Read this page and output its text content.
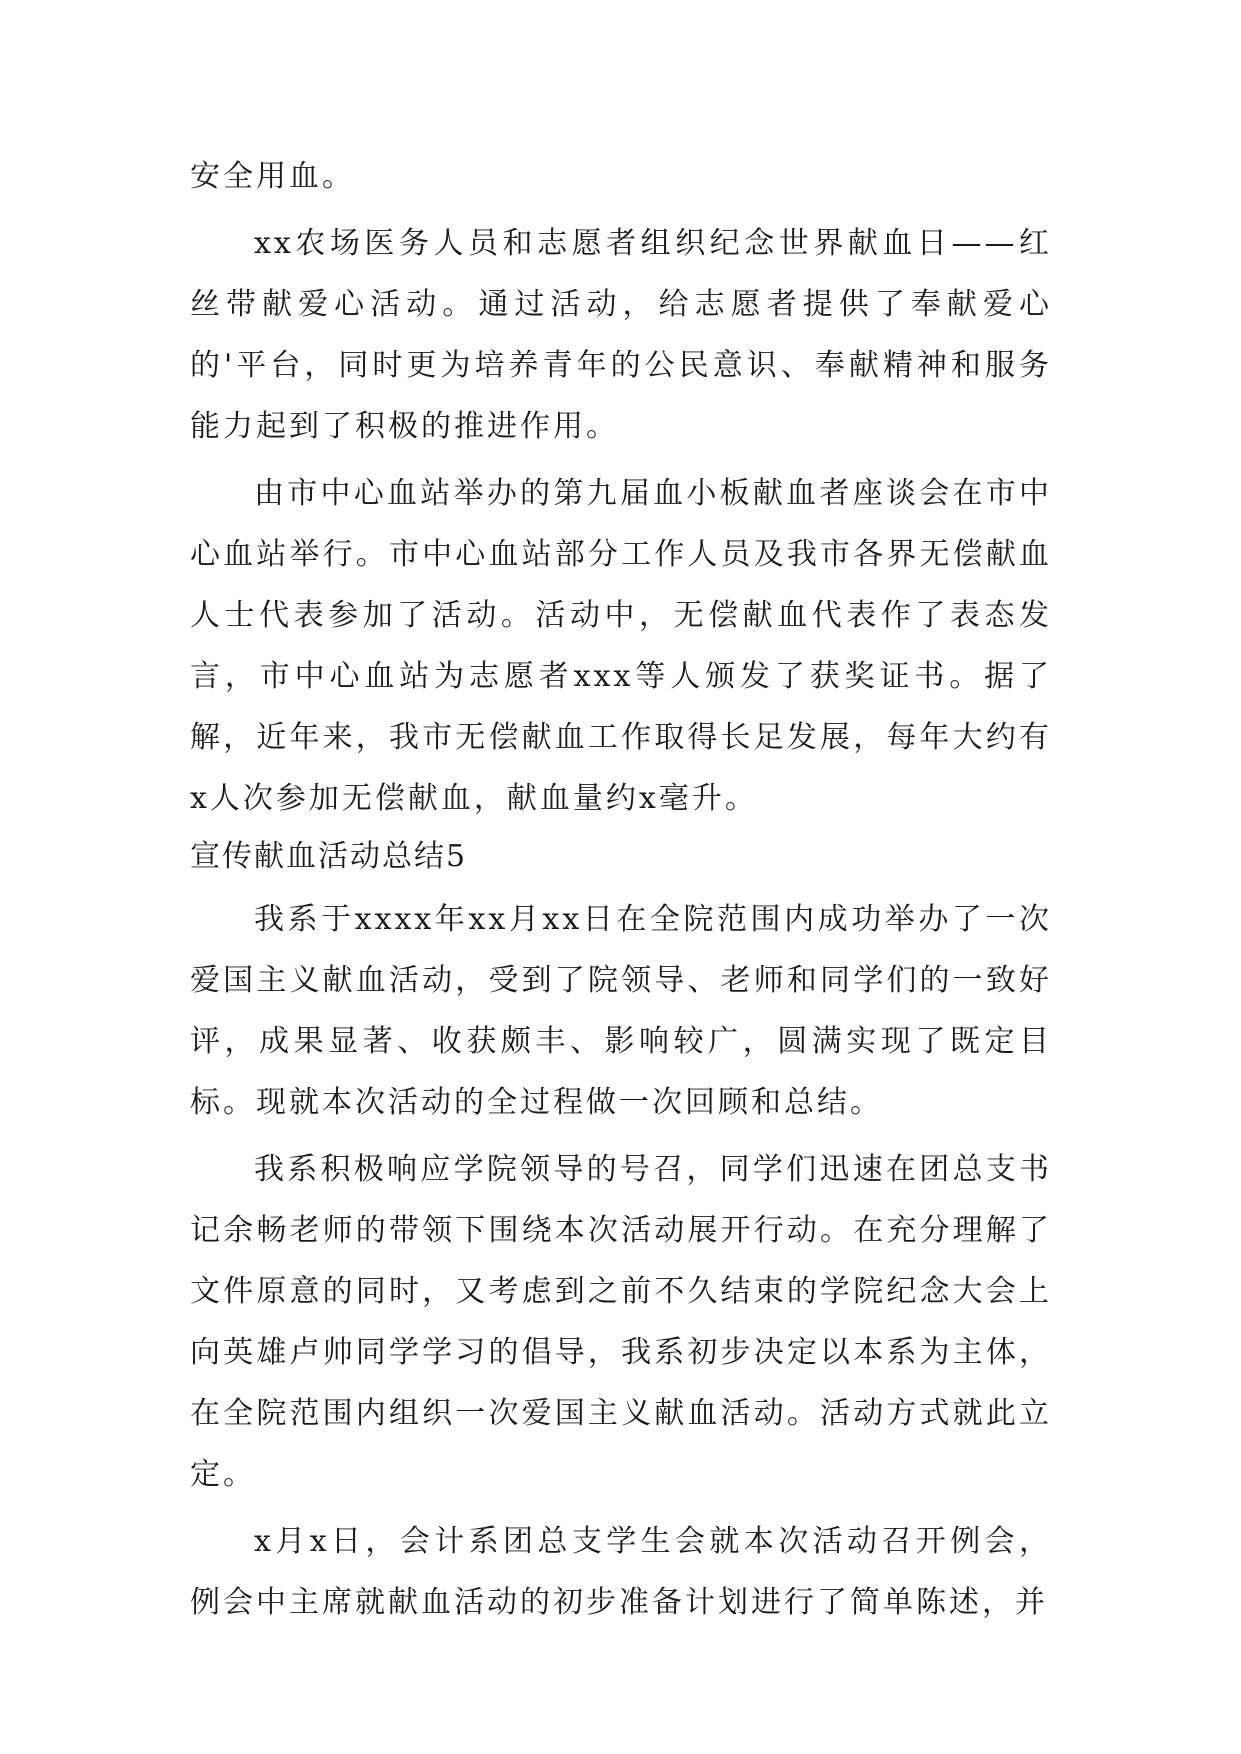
安全用血。

xx农场医务人员和志愿者组织纪念世界献血日——红丝带献爱心活动。通过活动，给志愿者提供了奉献爱心的'平台，同时更为培养青年的公民意识、奉献精神和服务能力起到了积极的推进作用。

由市中心血站举办的第九届血小板献血者座谈会在市中心血站举行。市中心血站部分工作人员及我市各界无偿献血人士代表参加了活动。活动中，无偿献血代表作了表态发言，市中心血站为志愿者xxx等人颁发了获奖证书。据了解，近年来，我市无偿献血工作取得长足发展，每年大约有x人次参加无偿献血，献血量约x毫升。

宣传献血活动总结5

我系于xxxx年xx月xx日在全院范围内成功举办了一次爱国主义献血活动，受到了院领导、老师和同学们的一致好评，成果显著、收获颇丰、影响较广，圆满实现了既定目标。现就本次活动的全过程做一次回顾和总结。

我系积极响应学院领导的号召，同学们迅速在团总支书记余畅老师的带领下围绕本次活动展开行动。在充分理解了文件原意的同时，又考虑到之前不久结束的学院纪念大会上向英雄卢帅同学学习的倡导，我系初步决定以本系为主体，在全院范围内组织一次爱国主义献血活动。活动方式就此立定。

x月x日，会计系团总支学生会就本次活动召开例会，例会中主席就献血活动的初步准备计划进行了简单陈述，并
